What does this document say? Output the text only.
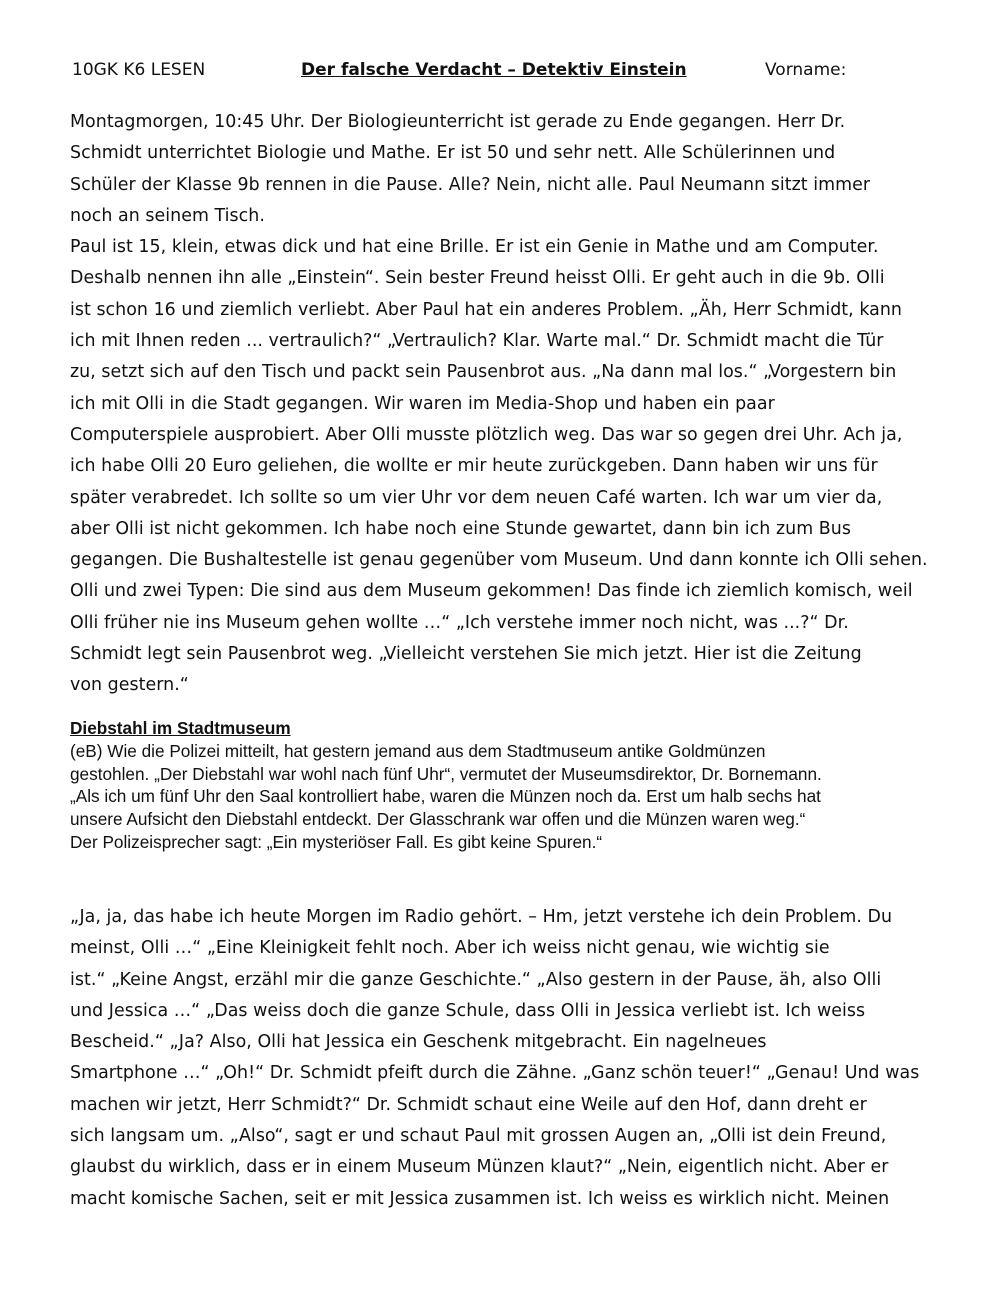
10GK K6 LESEN	Der falsche Verdacht – Detektiv Einstein	Vorname:

Montagmorgen, 10:45 Uhr. Der Biologieunterricht ist gerade zu Ende gegangen. Herr Dr.
Schmidt unterrichtet Biologie und Mathe. Er ist 50 und sehr nett. Alle Schülerinnen und
Schüler der Klasse 9b rennen in die Pause. Alle? Nein, nicht alle. Paul Neumann sitzt immer
noch an seinem Tisch.
Paul ist 15, klein, etwas dick und hat eine Brille. Er ist ein Genie in Mathe und am Computer.
Deshalb nennen ihn alle „Einstein“. Sein bester Freund heisst Olli. Er geht auch in die 9b. Olli
ist schon 16 und ziemlich verliebt. Aber Paul hat ein anderes Problem. „Äh, Herr Schmidt, kann
ich mit Ihnen reden ... vertraulich?“ „Vertraulich? Klar. Warte mal.“ Dr. Schmidt macht die Tür
zu, setzt sich auf den Tisch und packt sein Pausenbrot aus. „Na dann mal los.“ „Vorgestern bin
ich mit Olli in die Stadt gegangen. Wir waren im Media-Shop und haben ein paar
Computerspiele ausprobiert. Aber Olli musste plötzlich weg. Das war so gegen drei Uhr. Ach ja,
ich habe Olli 20 Euro geliehen, die wollte er mir heute zurückgeben. Dann haben wir uns für
später verabredet. Ich sollte so um vier Uhr vor dem neuen Café warten. Ich war um vier da,
aber Olli ist nicht gekommen. Ich habe noch eine Stunde gewartet, dann bin ich zum Bus
gegangen. Die Bushaltestelle ist genau gegenüber vom Museum. Und dann konnte ich Olli sehen.
Olli und zwei Typen: Die sind aus dem Museum gekommen! Das finde ich ziemlich komisch, weil
Olli früher nie ins Museum gehen wollte …“ „Ich verstehe immer noch nicht, was ...?“ Dr.
Schmidt legt sein Pausenbrot weg. „Vielleicht verstehen Sie mich jetzt. Hier ist die Zeitung
von gestern.“

Diebstahl im Stadtmuseum
(eB) Wie die Polizei mitteilt, hat gestern jemand aus dem Stadtmuseum antike Goldmünzen
gestohlen. „Der Diebstahl war wohl nach fünf Uhr“, vermutet der Museumsdirektor, Dr. Bornemann.
„Als ich um fünf Uhr den Saal kontrolliert habe, waren die Münzen noch da. Erst um halb sechs hat
unsere Aufsicht den Diebstahl entdeckt. Der Glasschrank war offen und die Münzen waren weg.“
Der Polizeisprecher sagt: „Ein mysteriöser Fall. Es gibt keine Spuren.“

„Ja, ja, das habe ich heute Morgen im Radio gehört. – Hm, jetzt verstehe ich dein Problem. Du
meinst, Olli …“ „Eine Kleinigkeit fehlt noch. Aber ich weiss nicht genau, wie wichtig sie
ist.“ „Keine Angst, erzähl mir die ganze Geschichte.“ „Also gestern in der Pause, äh, also Olli
und Jessica …“ „Das weiss doch die ganze Schule, dass Olli in Jessica verliebt ist. Ich weiss
Bescheid.“ „Ja? Also, Olli hat Jessica ein Geschenk mitgebracht. Ein nagelneues
Smartphone …“ „Oh!“ Dr. Schmidt pfeift durch die Zähne. „Ganz schön teuer!“ „Genau! Und was
machen wir jetzt, Herr Schmidt?“ Dr. Schmidt schaut eine Weile auf den Hof, dann dreht er
sich langsam um. „Also“, sagt er und schaut Paul mit grossen Augen an, „Olli ist dein Freund,
glaubst du wirklich, dass er in einem Museum Münzen klaut?“ „Nein, eigentlich nicht. Aber er
macht komische Sachen, seit er mit Jessica zusammen ist. Ich weiss es wirklich nicht. Meinen
